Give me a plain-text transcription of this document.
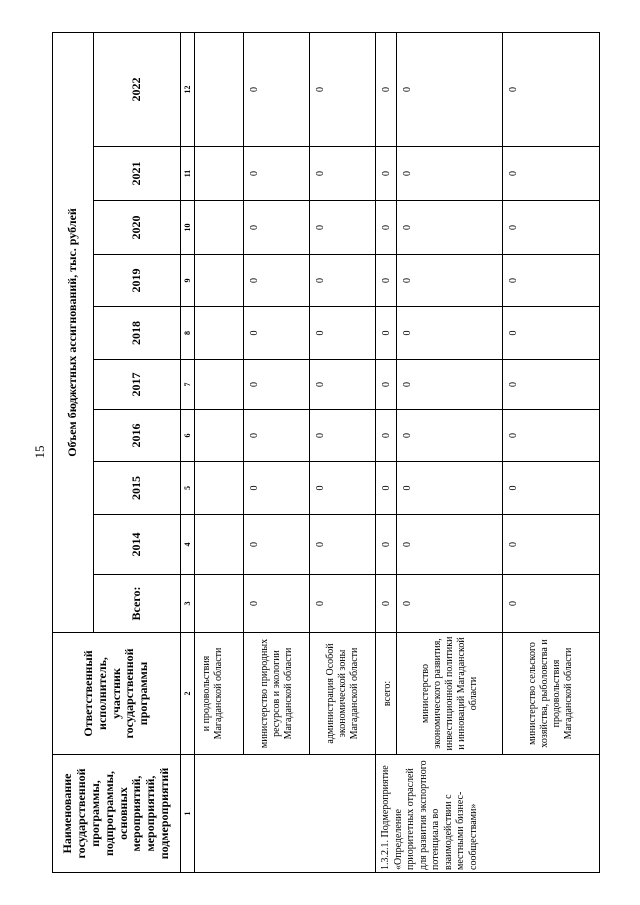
15
Наименование государственной программы, подпрограммы, основных мероприятий, мероприятий, подмероприятий	Ответственный исполнитель, участник государственной программы	Объем бюджетных ассигнований, тыс. рублей									
		Всего:	2014	2015	2016	2017	2018	2019	2020	2021	2022
1	2	3	4	5	6	7	8	9	10	11	12
	и продовольствия Магаданской области										
	министерство природных ресурсов и экологии Магаданской области	0	0	0	0	0	0	0	0	0	0
	администрация Особой экономической зоны Магаданской области	0	0	0	0	0	0	0	0	0	0
1.3.2.1. Подмероприятие «Определение приоритетных отраслей для развития экспортного потенциала во взаимодействии с местными бизнес-сообществами»	всего:	0	0	0	0	0	0	0	0	0	0
	министерство экономического развития, инвестиционной политики и инноваций Магаданской области	0	0	0	0	0	0	0	0	0	0
	министерство сельского хозяйства, рыболовства и продовольствия Магаданской области	0	0	0	0	0	0	0	0	0	0
